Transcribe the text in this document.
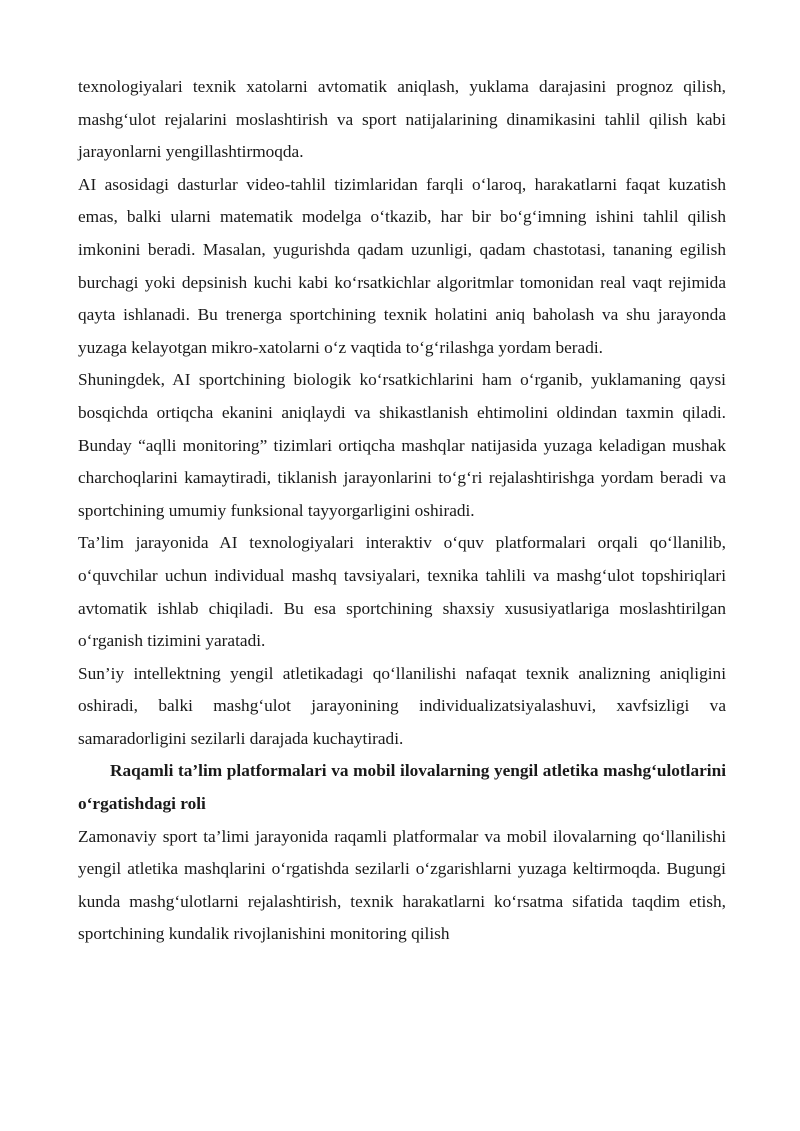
texnologiyalari texnik xatolarni avtomatik aniqlash, yuklama darajasini prognoz qilish, mashg‘ulot rejalarini moslashtirish va sport natijalarining dinamikasini tahlil qilish kabi jarayonlarni yengillashtirmoqda.

AI asosidagi dasturlar video-tahlil tizimlaridan farqli o‘laroq, harakatlarni faqat kuzatish emas, balki ularni matematik modelga o‘tkazib, har bir bo‘g‘imning ishini tahlil qilish imkonini beradi. Masalan, yugurishda qadam uzunligi, qadam chastotasi, tananing egilish burchagi yoki depsinish kuchi kabi ko‘rsatkichlar algoritmlar tomonidan real vaqt rejimida qayta ishlanadi. Bu trenerga sportchining texnik holatini aniq baholash va shu jarayonda yuzaga kelayotgan mikro-xatolarni o‘z vaqtida to‘g‘rilashga yordam beradi.

Shuningdek, AI sportchining biologik ko‘rsatkichlarini ham o‘rganib, yuklamaning qaysi bosqichda ortiqcha ekanini aniqlaydi va shikastlanish ehtimolini oldindan taxmin qiladi. Bunday “aqlli monitoring” tizimlari ortiqcha mashqlar natijasida yuzaga keladigan mushak charchoqlarini kamaytiradi, tiklanish jarayonlarini to‘g‘ri rejalashtirishga yordam beradi va sportchining umumiy funksional tayyorgarligini oshiradi.

Ta’lim jarayonida AI texnologiyalari interaktiv o‘quv platformalari orqali qo‘llanilib, o‘quvchilar uchun individual mashq tavsiyalari, texnika tahlili va mashg‘ulot topshiriqlari avtomatik ishlab chiqiladi. Bu esa sportchining shaxsiy xususiyatlariga moslashtirilgan o‘rganish tizimini yaratadi.

Sun’iy intellektning yengil atletikadagi qo‘llanilishi nafaqat texnik analizning aniqligini oshiradi, balki mashg‘ulot jarayonining individualizatsiyalashuvi, xavfsizligi va samaradorligini sezilarli darajada kuchaytiradi.

Raqamli ta’lim platformalari va mobil ilovalarning yengil atletika mashg‘ulotlarini o‘rgatishdagi roli

Zamonaviy sport ta’limi jarayonida raqamli platformalar va mobil ilovalarning qo‘llanilishi yengil atletika mashqlarini o‘rgatishda sezilarli o‘zgarishlarni yuzaga keltirmoqda. Bugungi kunda mashg‘ulotlarni rejalashtirish, texnik harakatlarni ko‘rsatma sifatida taqdim etish, sportchining kundalik rivojlanishini monitoring qilish
